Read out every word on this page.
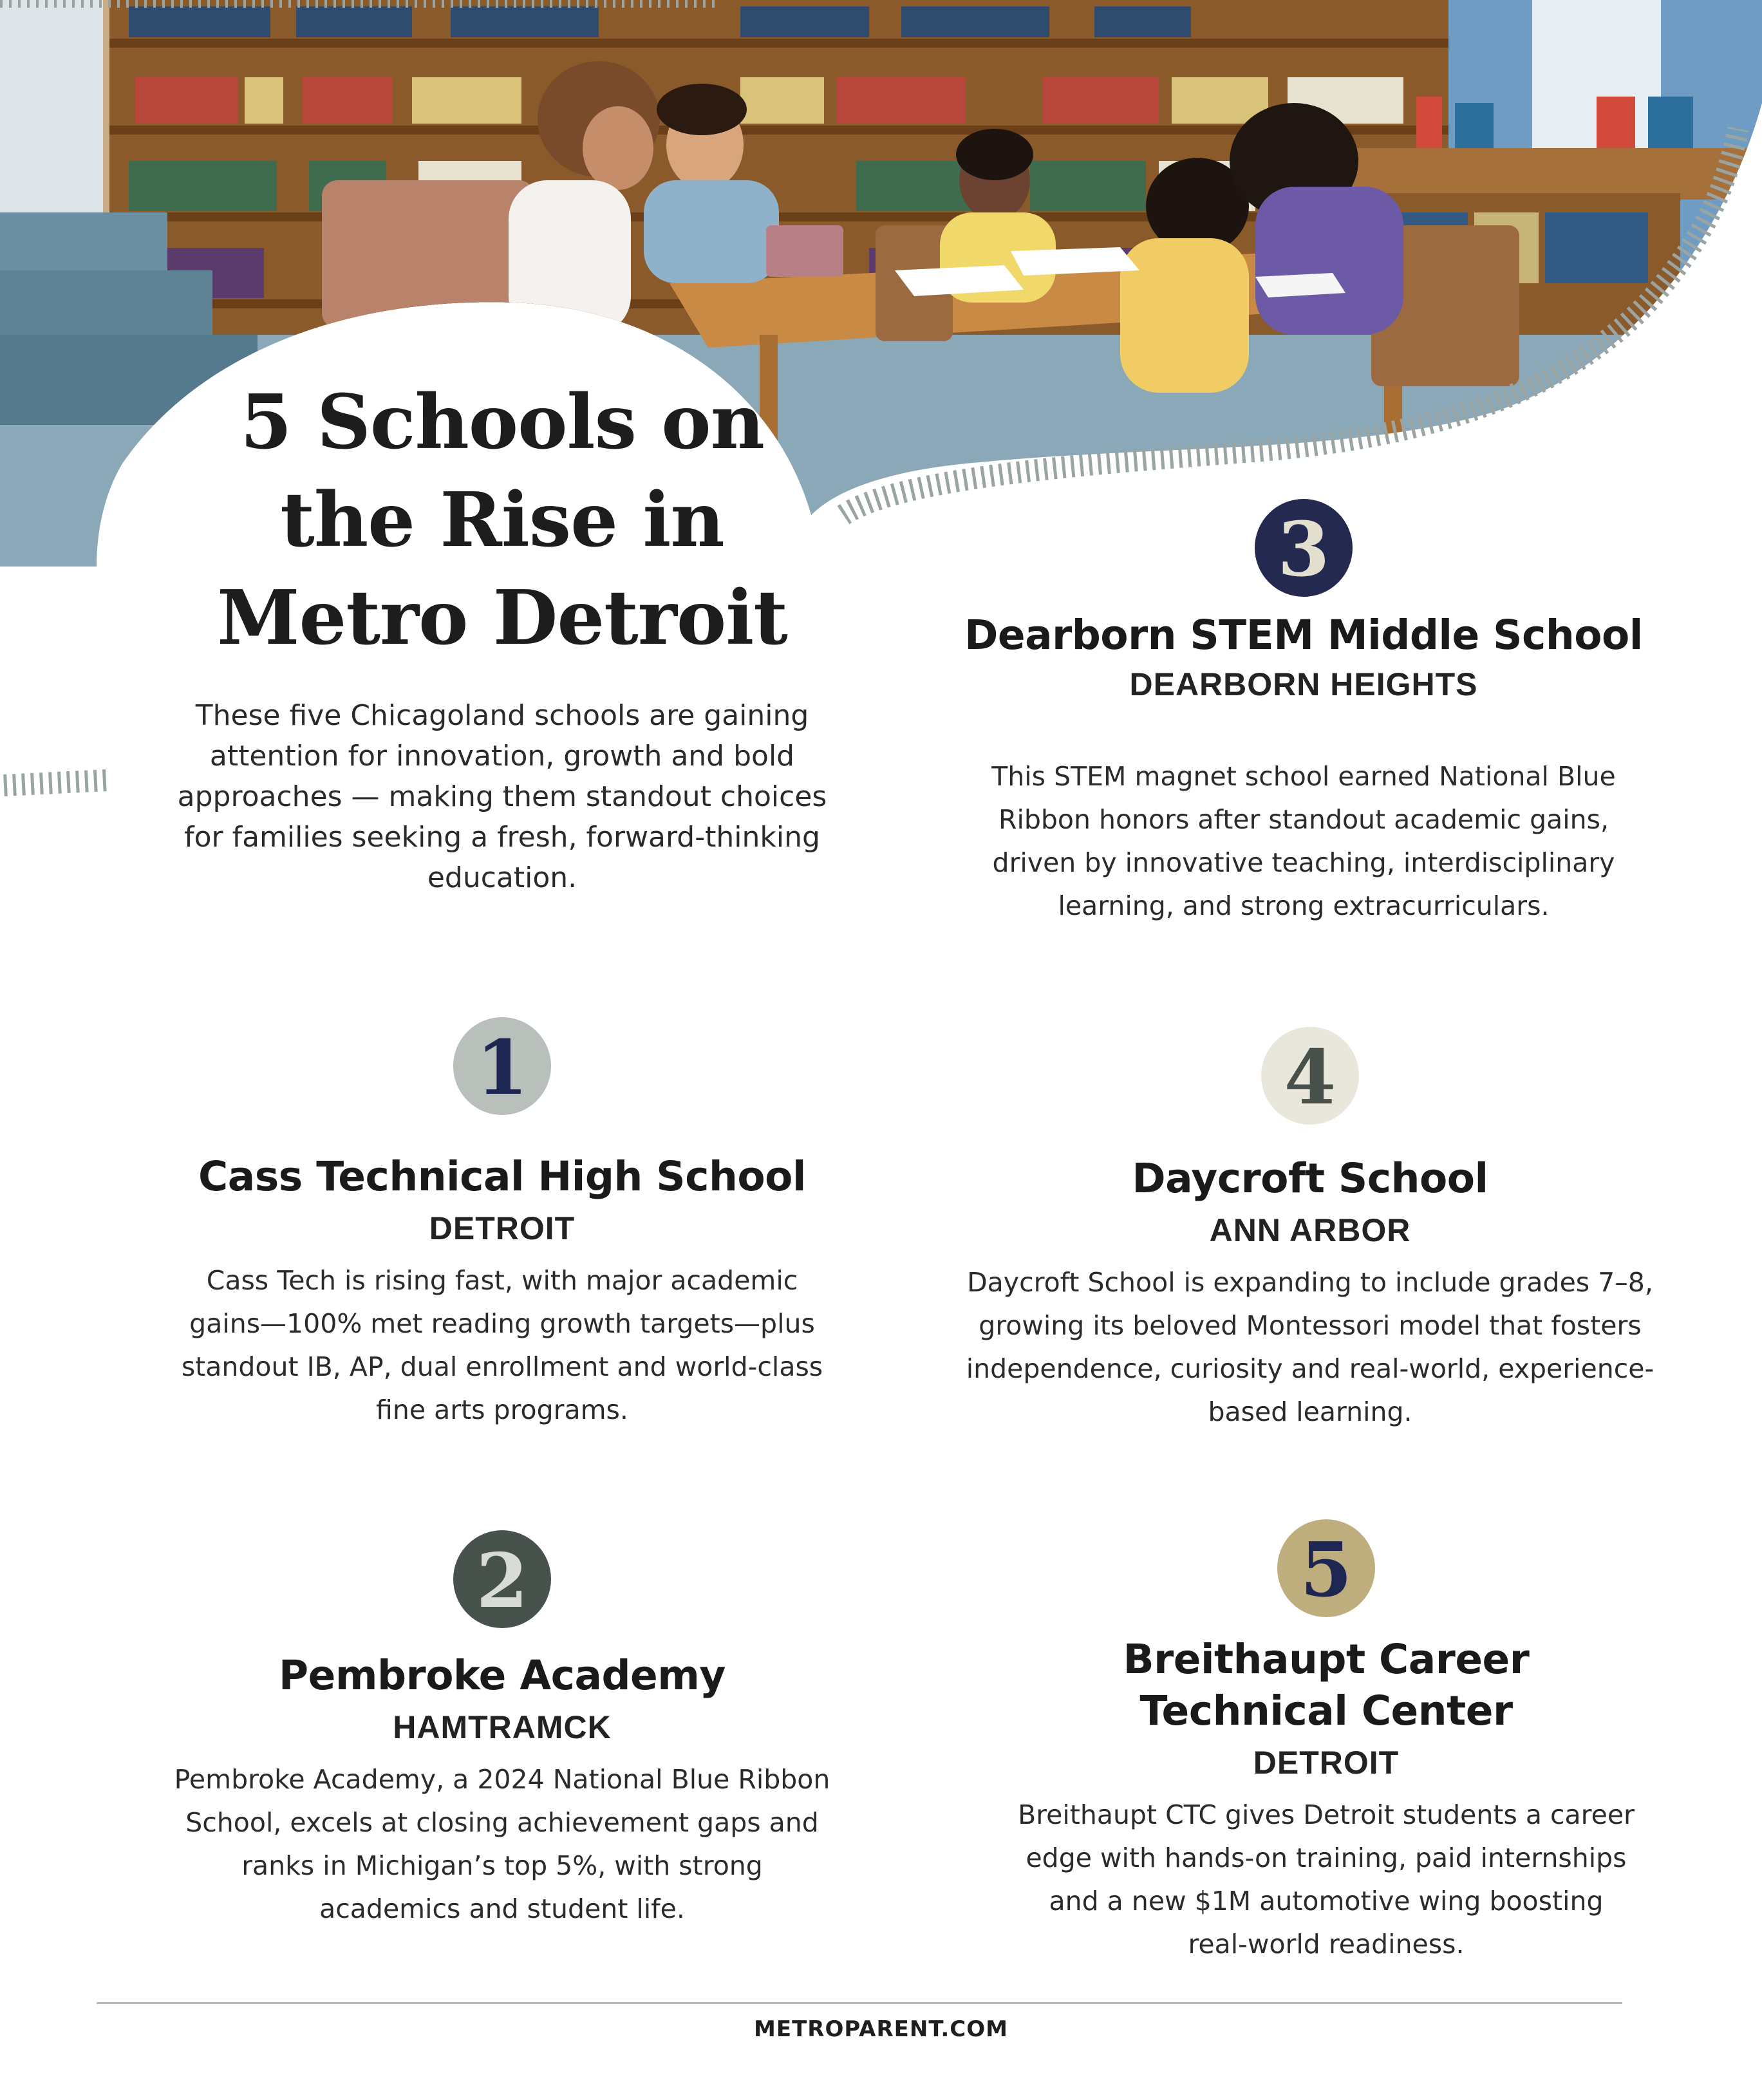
5 Schools on
the Rise in
Metro Detroit

These five Chicagoland schools are gaining attention for innovation, growth and bold approaches — making them standout choices for families seeking a fresh, forward-thinking education.

1
Cass Technical High School

DETROIT

Cass Tech is rising fast, with major academic gains—100% met reading growth targets—plus standout IB, AP, dual enrollment and world-class fine arts programs.

2
Pembroke Academy

HAMTRAMCK

Pembroke Academy, a 2024 National Blue Ribbon School, excels at closing achievement gaps and ranks in Michigan’s top 5%, with strong academics and student life.

3
Dearborn STEM Middle School

DEARBORN HEIGHTS

This STEM magnet school earned National Blue Ribbon honors after standout academic gains, driven by innovative teaching, interdisciplinary learning, and strong extracurriculars.

4
Daycroft School

ANN ARBOR

Daycroft School is expanding to include grades 7–8, growing its beloved Montessori model that fosters independence, curiosity and real-world, experience-based learning.

5
Breithaupt Career Technical Center

DETROIT

Breithaupt CTC gives Detroit students a career edge with hands-on training, paid internships and a new $1M automotive wing boosting real-world readiness.

METROPARENT.COM
